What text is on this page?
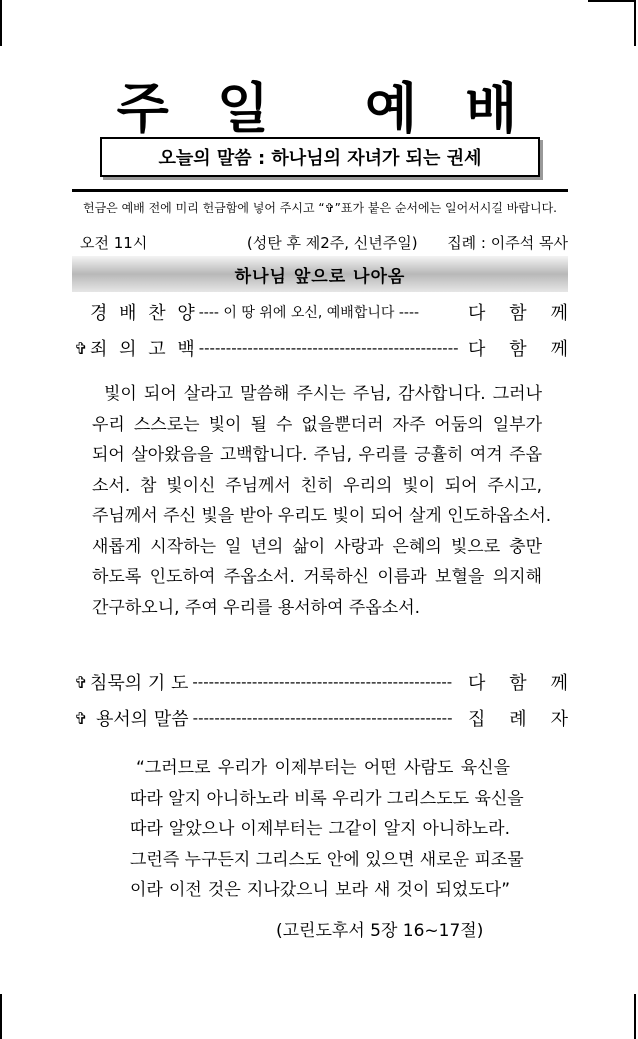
주 일 예 배
오늘의 말씀 : 하나님의 자녀가 되는 권세
헌금은 예배 전에 미리 헌금함에 넣어 주시고 “✞”표가 붙은 순서에는 일어서시길 바랍니다.
오전 11시	(성탄 후 제2주, 신년주일) 집례 : 이주석 목사
하나님 앞으로 나아옴
경 배 찬 양 ---- 이 땅 위에 오신, 예배합니다 ----	다 함 께
✞ 죄 의 고 백 ------------------------------------------------ 다 함 께
빛이 되어 살라고 말씀해 주시는 주님, 감사합니다. 그러나
우리 스스로는 빛이 될 수 없을뿐더러 자주 어둠의 일부가
되어 살아왔음을 고백합니다. 주님, 우리를 긍휼히 여겨 주옵
소서. 참 빛이신 주님께서 친히 우리의 빛이 되어 주시고,
주님께서 주신 빛을 받아 우리도 빛이 되어 살게 인도하옵소서.
새롭게 시작하는 일 년의 삶이 사랑과 은혜의 빛으로 충만
하도록 인도하여 주옵소서. 거룩하신 이름과 보혈을 의지해
간구하오니, 주여 우리를 용서하여 주옵소서.
✞ 침묵의 기 도 ------------------------------------------------ 다 함 께
✞ 용서의 말씀 ------------------------------------------------ 집 례 자
“그러므로 우리가 이제부터는 어떤 사람도 육신을
따라 알지 아니하노라 비록 우리가 그리스도도 육신을
따라 알았으나 이제부터는 그같이 알지 아니하노라.
그런즉 누구든지 그리스도 안에 있으면 새로운 피조물
이라 이전 것은 지나갔으니 보라 새 것이 되었도다”
(고린도후서 5장 16~17절)
